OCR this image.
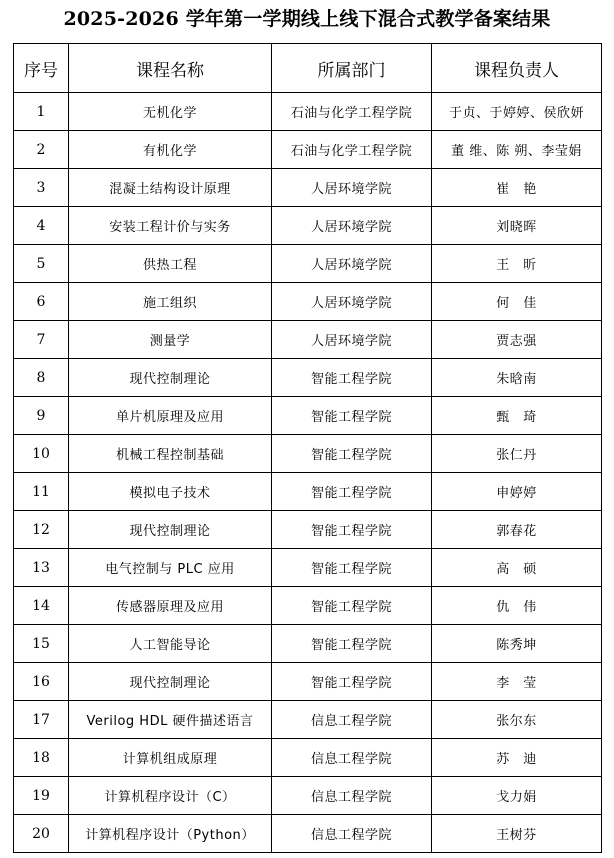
2025-2026 学年第一学期线上线下混合式教学备案结果
序号	课程名称	所属部门	课程负责人
1	无机化学	石油与化学工程学院	于贞、于婷婷、侯欣妍
2	有机化学	石油与化学工程学院	董 维、陈 朔、李莹娟
3	混凝土结构设计原理	人居环境学院	崔　艳
4	安装工程计价与实务	人居环境学院	刘晓晖
5	供热工程	人居环境学院	王　昕
6	施工组织	人居环境学院	何　佳
7	测量学	人居环境学院	贾志强
8	现代控制理论	智能工程学院	朱晗南
9	单片机原理及应用	智能工程学院	甄　琦
10	机械工程控制基础	智能工程学院	张仁丹
11	模拟电子技术	智能工程学院	申婷婷
12	现代控制理论	智能工程学院	郭春花
13	电气控制与 PLC 应用	智能工程学院	高　硕
14	传感器原理及应用	智能工程学院	仇　伟
15	人工智能导论	智能工程学院	陈秀坤
16	现代控制理论	智能工程学院	李　莹
17	Verilog HDL 硬件描述语言	信息工程学院	张尔东
18	计算机组成原理	信息工程学院	苏　迪
19	计算机程序设计（C）	信息工程学院	戈力娟
20	计算机程序设计（Python）	信息工程学院	王树芬
